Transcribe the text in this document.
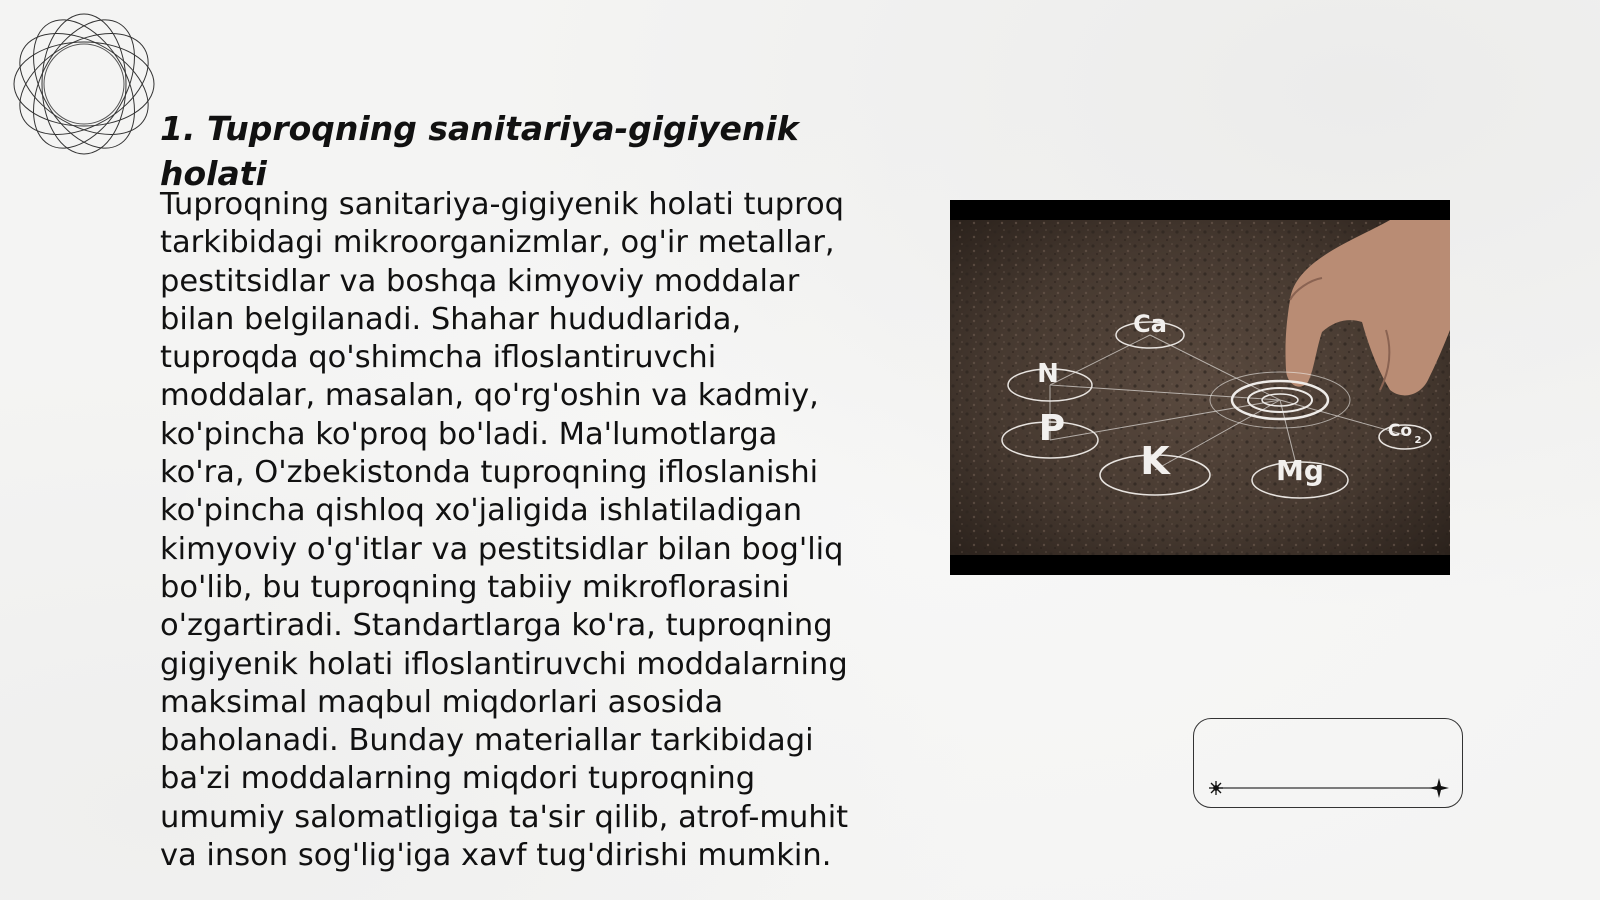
1. Tuproqning sanitariya-gigiyenik holati

Tuproqning sanitariya-gigiyenik holati tuproq tarkibidagi mikroorganizmlar, og'ir metallar, pestitsidlar va boshqa kimyoviy moddalar bilan belgilanadi. Shahar hududlarida, tuproqda qo'shimcha ifloslantiruvchi moddalar, masalan, qo'rg'oshin va kadmiy, ko'pincha ko'proq bo'ladi. Ma'lumotlarga ko'ra, O'zbekistonda tuproqning ifloslanishi ko'pincha qishloq xo'jaligida ishlatiladigan kimyoviy o'g'itlar va pestitsidlar bilan bog'liq bo'lib, bu tuproqning tabiiy mikroflorasini o'zgartiradi. Standartlarga ko'ra, tuproqning gigiyenik holati ifloslantiruvchi moddalarning maksimal maqbul miqdorlari asosida baholanadi. Bunday materiallar tarkibidagi ba'zi moddalarning miqdori tuproqning umumiy salomatligiga ta'sir qilib, atrof-muhit va inson sog'lig'iga xavf tug'dirishi mumkin.

Ca
N
P
K	Mg
Co 2
